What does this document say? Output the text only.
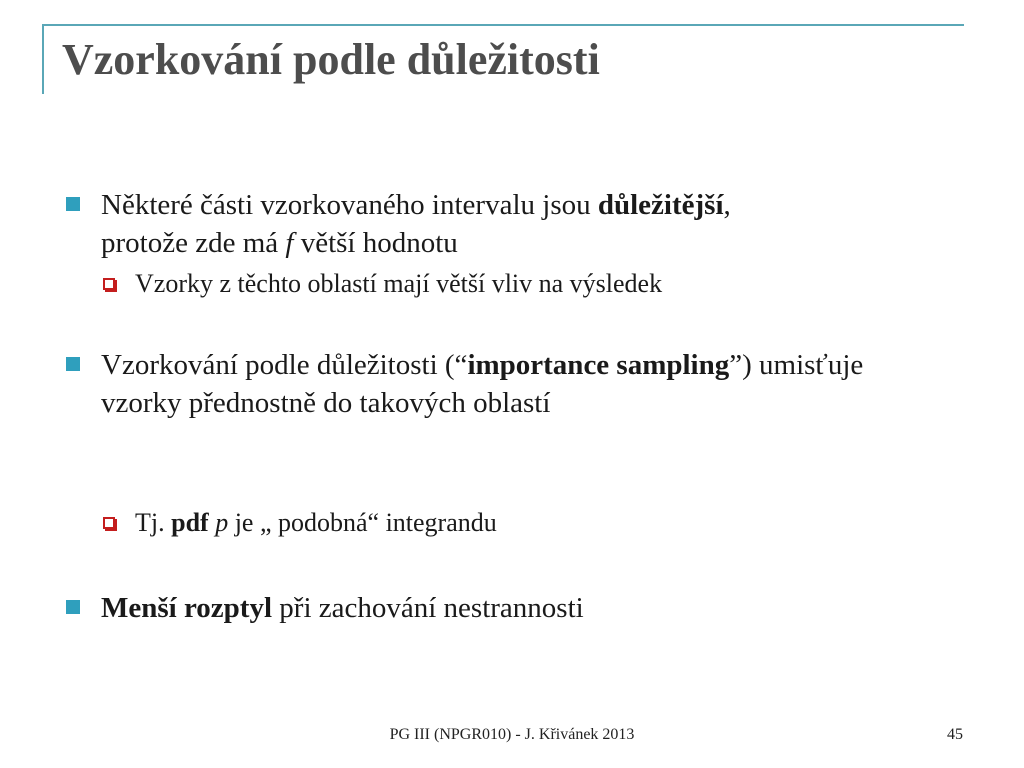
Vzorkování podle důležitosti
Některé části vzorkovaného intervalu jsou důležitější,
protože zde má f větší hodnotu
Vzorky z těchto oblastí mají větší vliv na výsledek
Vzorkování podle důležitosti (“importance sampling”) umisťuje vzorky přednostně do takových oblastí
Tj. pdf p je „ podobná“ integrandu
Menší rozptyl při zachování nestrannosti
PG III (NPGR010) - J. Křivánek 2013	45
